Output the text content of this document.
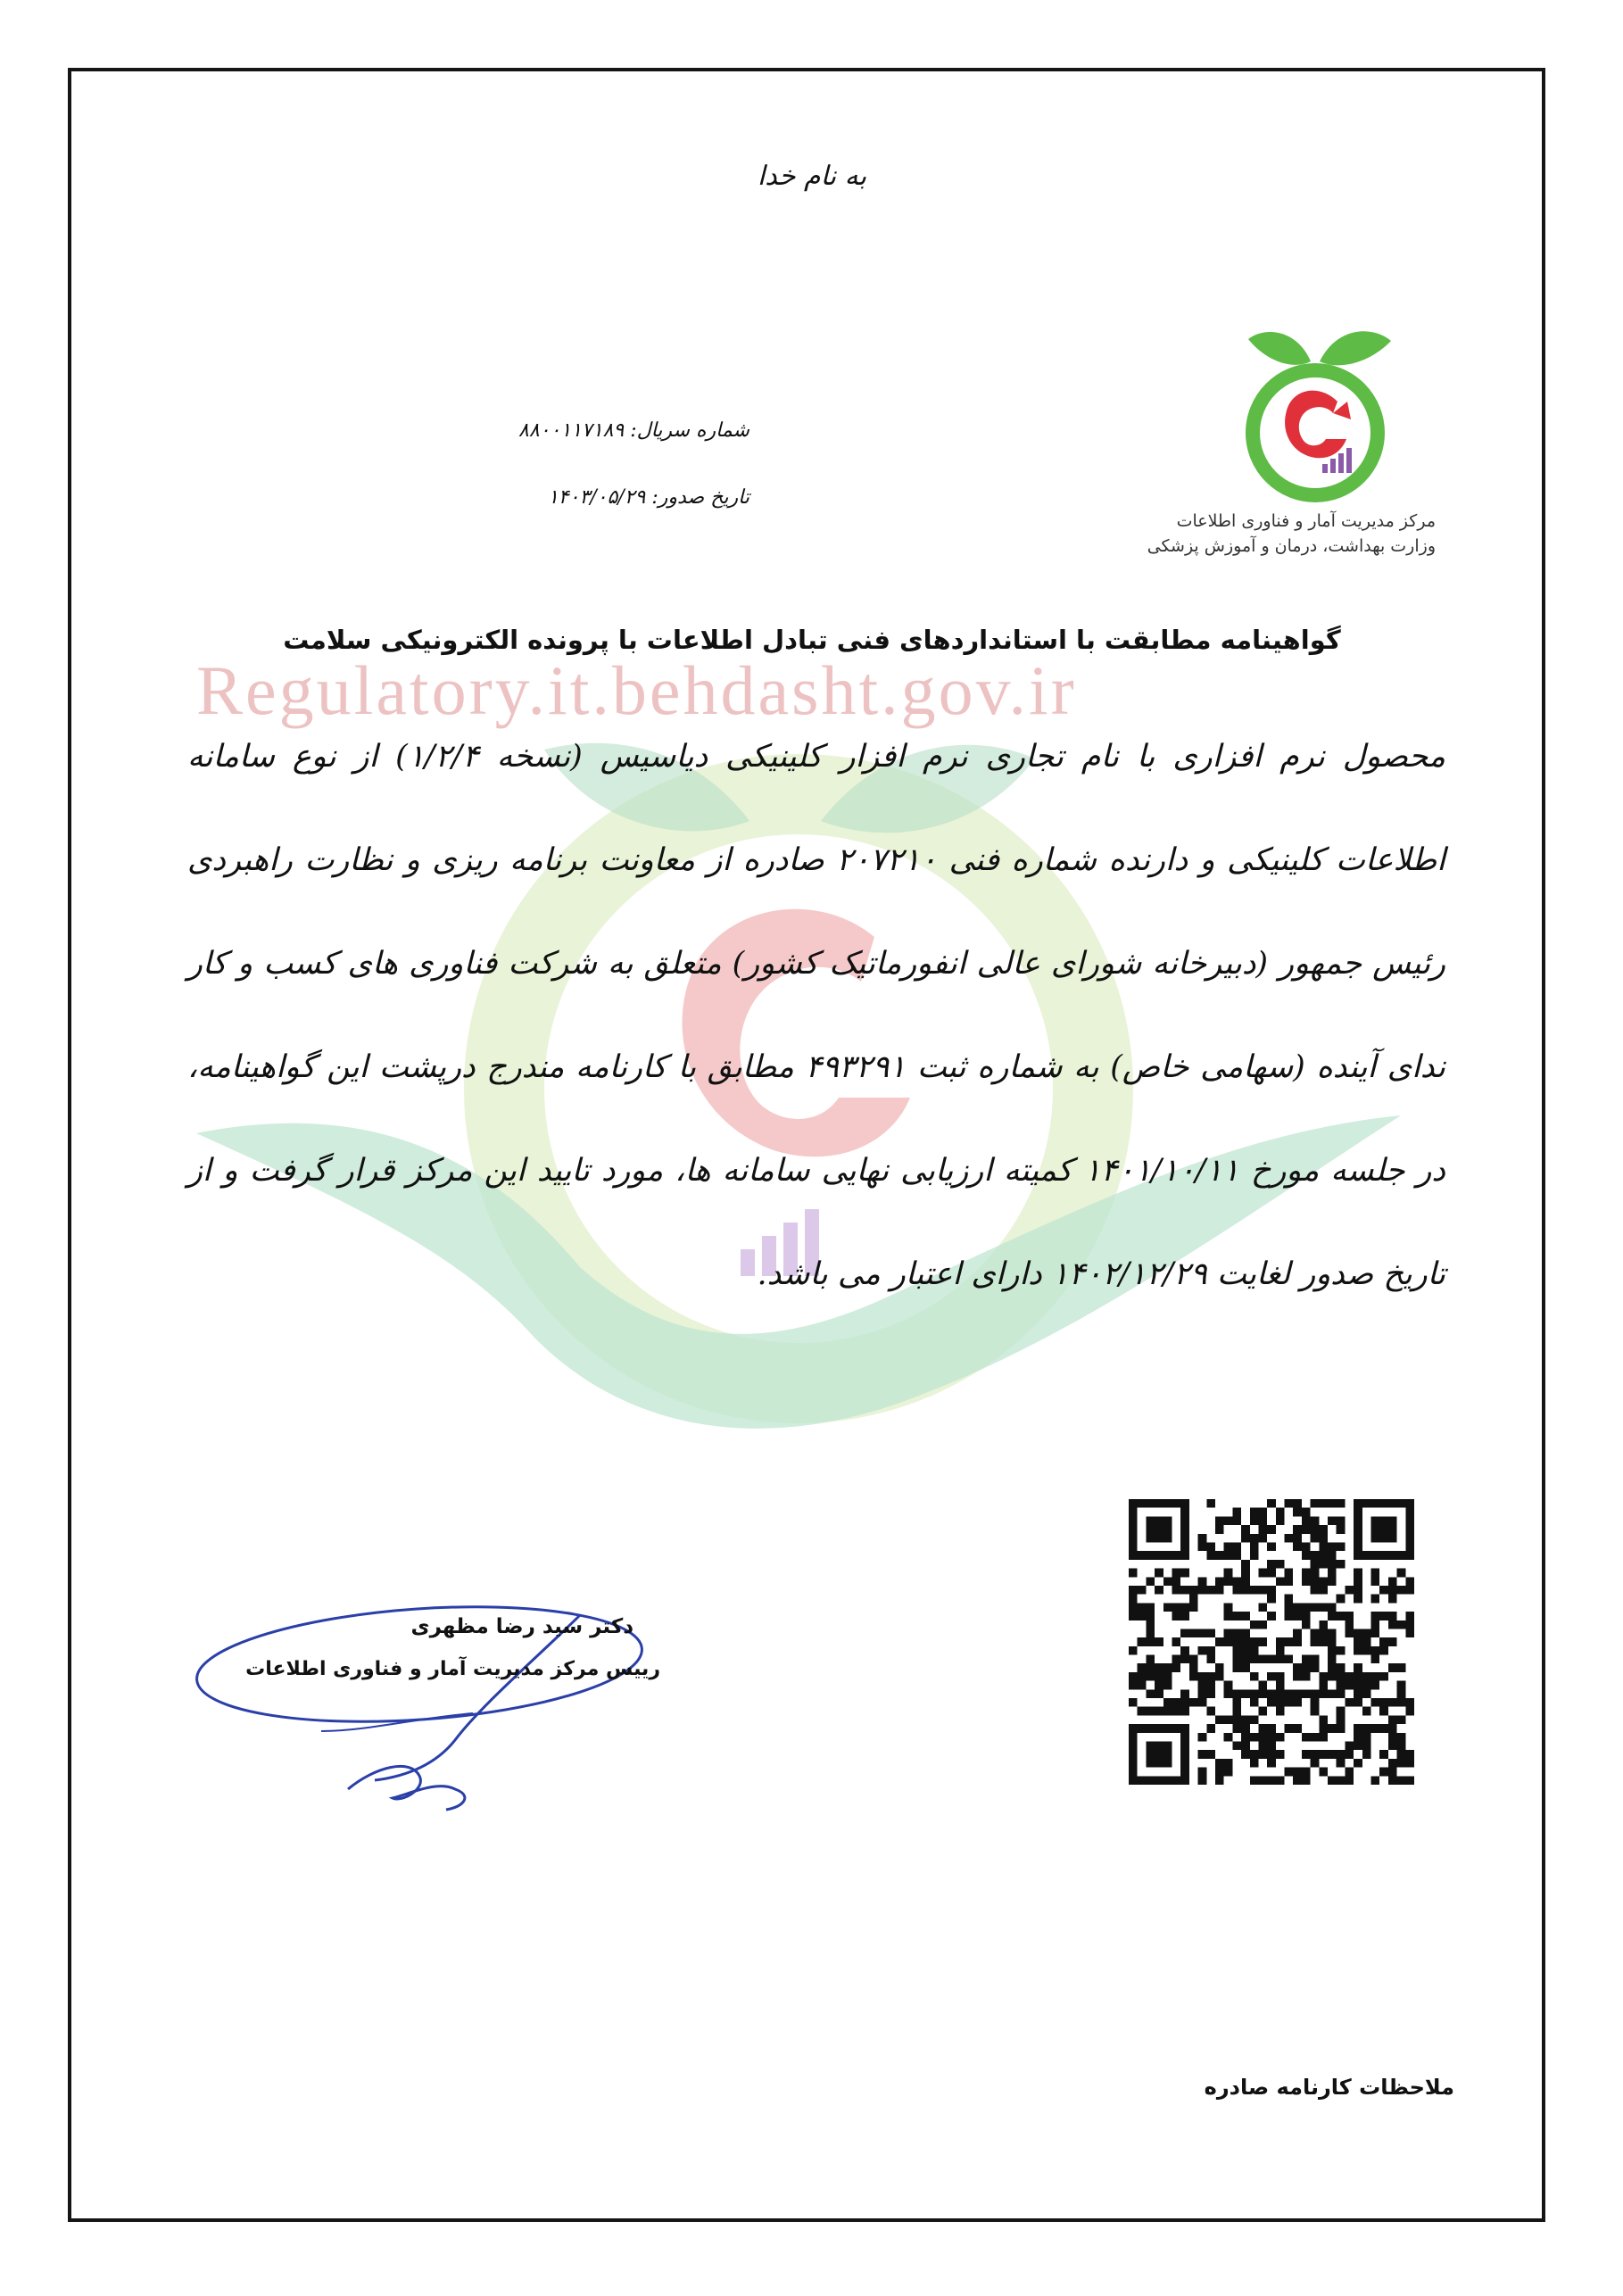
Regulatory.it.behdasht.gov.ir
به نام خدا
مرکز مدیریت آمار و فناوری اطلاعات
وزارت بهداشت، درمان و آموزش پزشکی
شماره سریال: ۸۸۰۰۱۱۷۱۸۹
تاریخ صدور: ۱۴۰۳/۰۵/۲۹
گواهینامه مطابقت با استانداردهای فنی تبادل اطلاعات با پرونده الکترونیکی سلامت
محصول نرم افزاری با نام تجاری نرم افزار کلینیکی دیاسیس (نسخه ۱/۲/۴) از نوع سامانه اطلاعات کلینیکی و دارنده شماره فنی ۲۰۷۲۱۰ صادره از معاونت برنامه ریزی و نظارت راهبردی رئیس جمهور (دبیرخانه شورای عالی انفورماتیک کشور) متعلق به شرکت فناوری های کسب و کار ندای آینده (سهامی خاص) به شماره ثبت ۴۹۳۲۹۱ مطابق با کارنامه مندرج درپشت این گواهینامه، در جلسه مورخ ۱۴۰۱/۱۰/۱۱ کمیته ارزیابی نهایی سامانه ها، مورد تایید این مرکز قرار گرفت و از تاریخ صدور لغایت ۱۴۰۲/۱۲/۲۹ دارای اعتبار می باشد.
دکتر سید رضا مظهری
رییس مرکز مدیریت آمار و فناوری اطلاعات
ملاحظات کارنامه صادره
